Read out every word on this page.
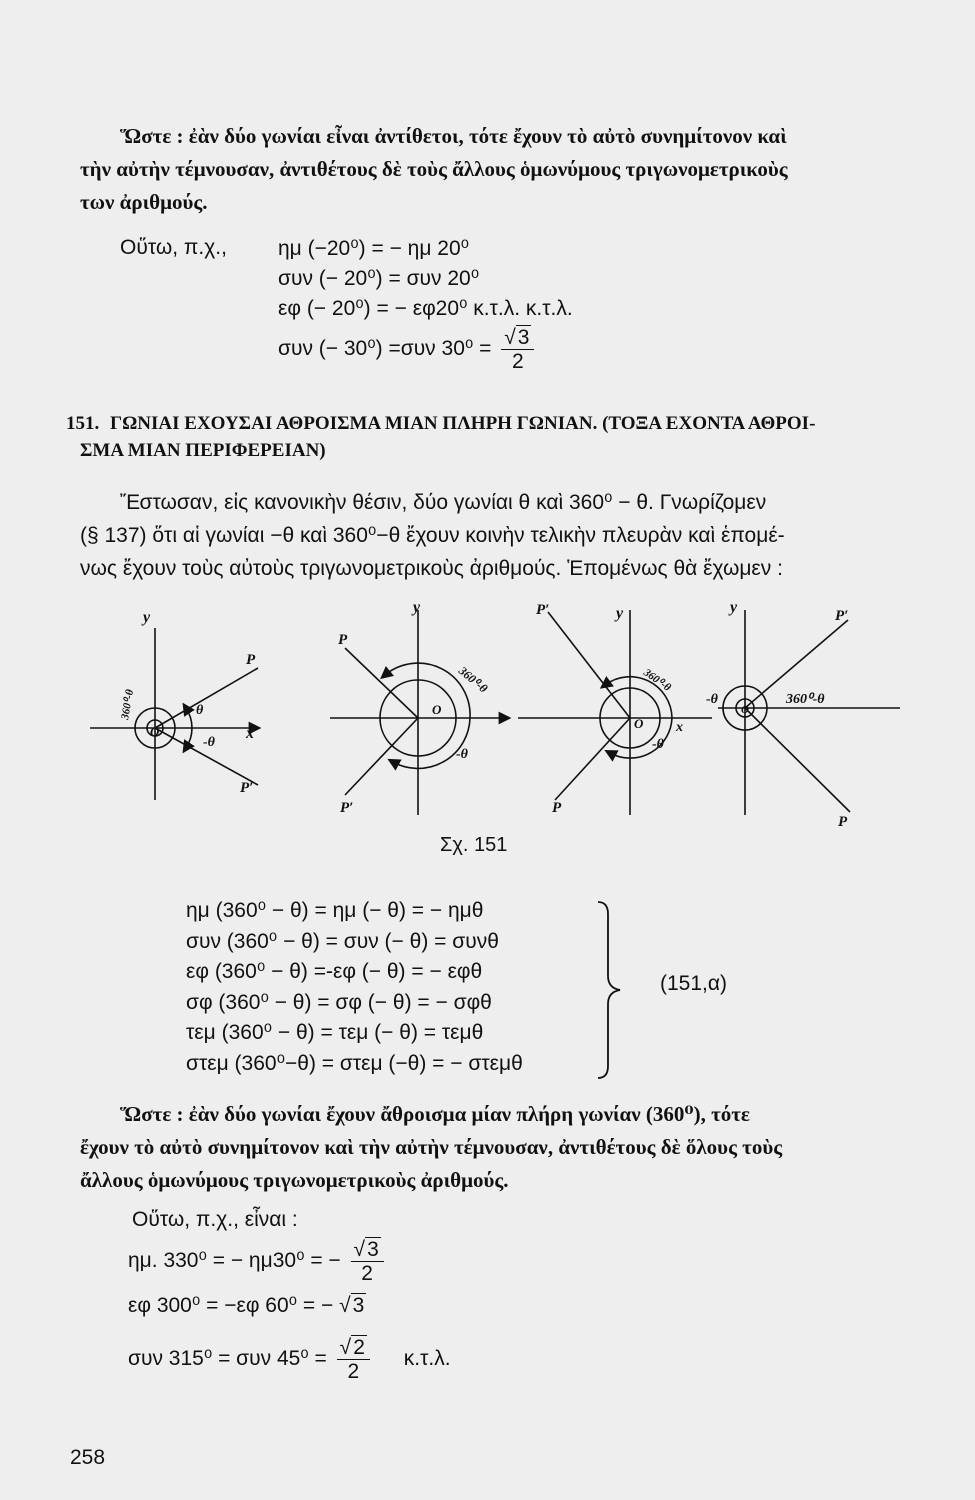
Ὥστε : ἐὰν δύο γωνίαι εἶναι ἀντίθετοι, τότε ἔχουν τὸ αὐτὸ συνημίτονον καὶ
τὴν αὐτὴν τέμνουσαν, ἀντιθέτους δὲ τοὺς ἄλλους ὁμωνύμους τριγωνομετρικοὺς
των ἀριθμούς.
Οὕτω, π.χ., ημ (−20⁰) = − ημ 20⁰
συν (− 20⁰) = συν 20⁰
εφ (− 20⁰) = − εφ20⁰ κ.τ.λ. κ.τ.λ.
συν (− 30⁰) =συν $30^0 = \frac{√3}{2}$
151. ΓΩΝΙΑΙ ΕΧΟΥΣΑΙ ΑΘΡΟΙΣΜΑ ΜΙΑΝ ΠΛΗΡΗ ΓΩΝΙΑΝ. (ΤΟΞΑ ΕΧΟΝΤΑ ΑΘΡΟΙ-
ΣΜΑ ΜΙΑΝ ΠΕΡΙΦΕΡΕΙΑΝ)
Ἔστωσαν, εἰς κανονικὴν θέσιν, δύο γωνίαι θ καὶ 360⁰ − θ. Γνωρίζομεν
(§ 137) ὅτι αἱ γωνίαι −θ καὶ 360⁰−θ ἔχουν κοινὴν τελικὴν πλευρὰν καὶ ἑπομέ-
νως ἔχουν τοὺς αὐτοὺς τριγωνομετρικοὺς ἀριθμούς. Ἑπομένως θὰ ἔχωμεν :
y
x
P
P′
O
θ
-θ
360⁰-θ
y
P
P′
O
-θ
360⁰-θ
y
P′
P
O
-θ
360⁰-θ
x
y	P′
P
O
-θ	360⁰-θ
Σχ. 151
ημ (360⁰ − θ) = ημ (− θ) = − ημθ
συν (360⁰ − θ) = συν (− θ) = συνθ
εφ (360⁰ − θ) =-εφ (− θ) = − εφθ
σφ (360⁰ − θ) = σφ (− θ) = − σφθ
τεμ (360⁰ − θ) = τεμ (− θ) = τεμθ
στεμ (360⁰−θ) = στεμ (−θ) = − στεμθ
(151,α)
Ὥστε : ἐὰν δύο γωνίαι ἔχουν ἄθροισμα μίαν πλήρη γωνίαν (360⁰), τότε
ἔχουν τὸ αὐτὸ συνημίτονον καὶ τὴν αὐτὴν τέμνουσαν, ἀντιθέτους δὲ ὅλους τοὺς
ἄλλους ὁμωνύμους τριγωνομετρικοὺς ἀριθμούς.
Οὕτω, π.χ., εἶναι :
ημ. 330⁰ = − ημ30⁰ = − $\frac{√3}{2}$
εφ 300⁰ = −εφ 60⁰ = − √3
συν 315⁰ = συν $45^0 = \frac{√2}{2} \kappa.\tau.\lambda$.
258
